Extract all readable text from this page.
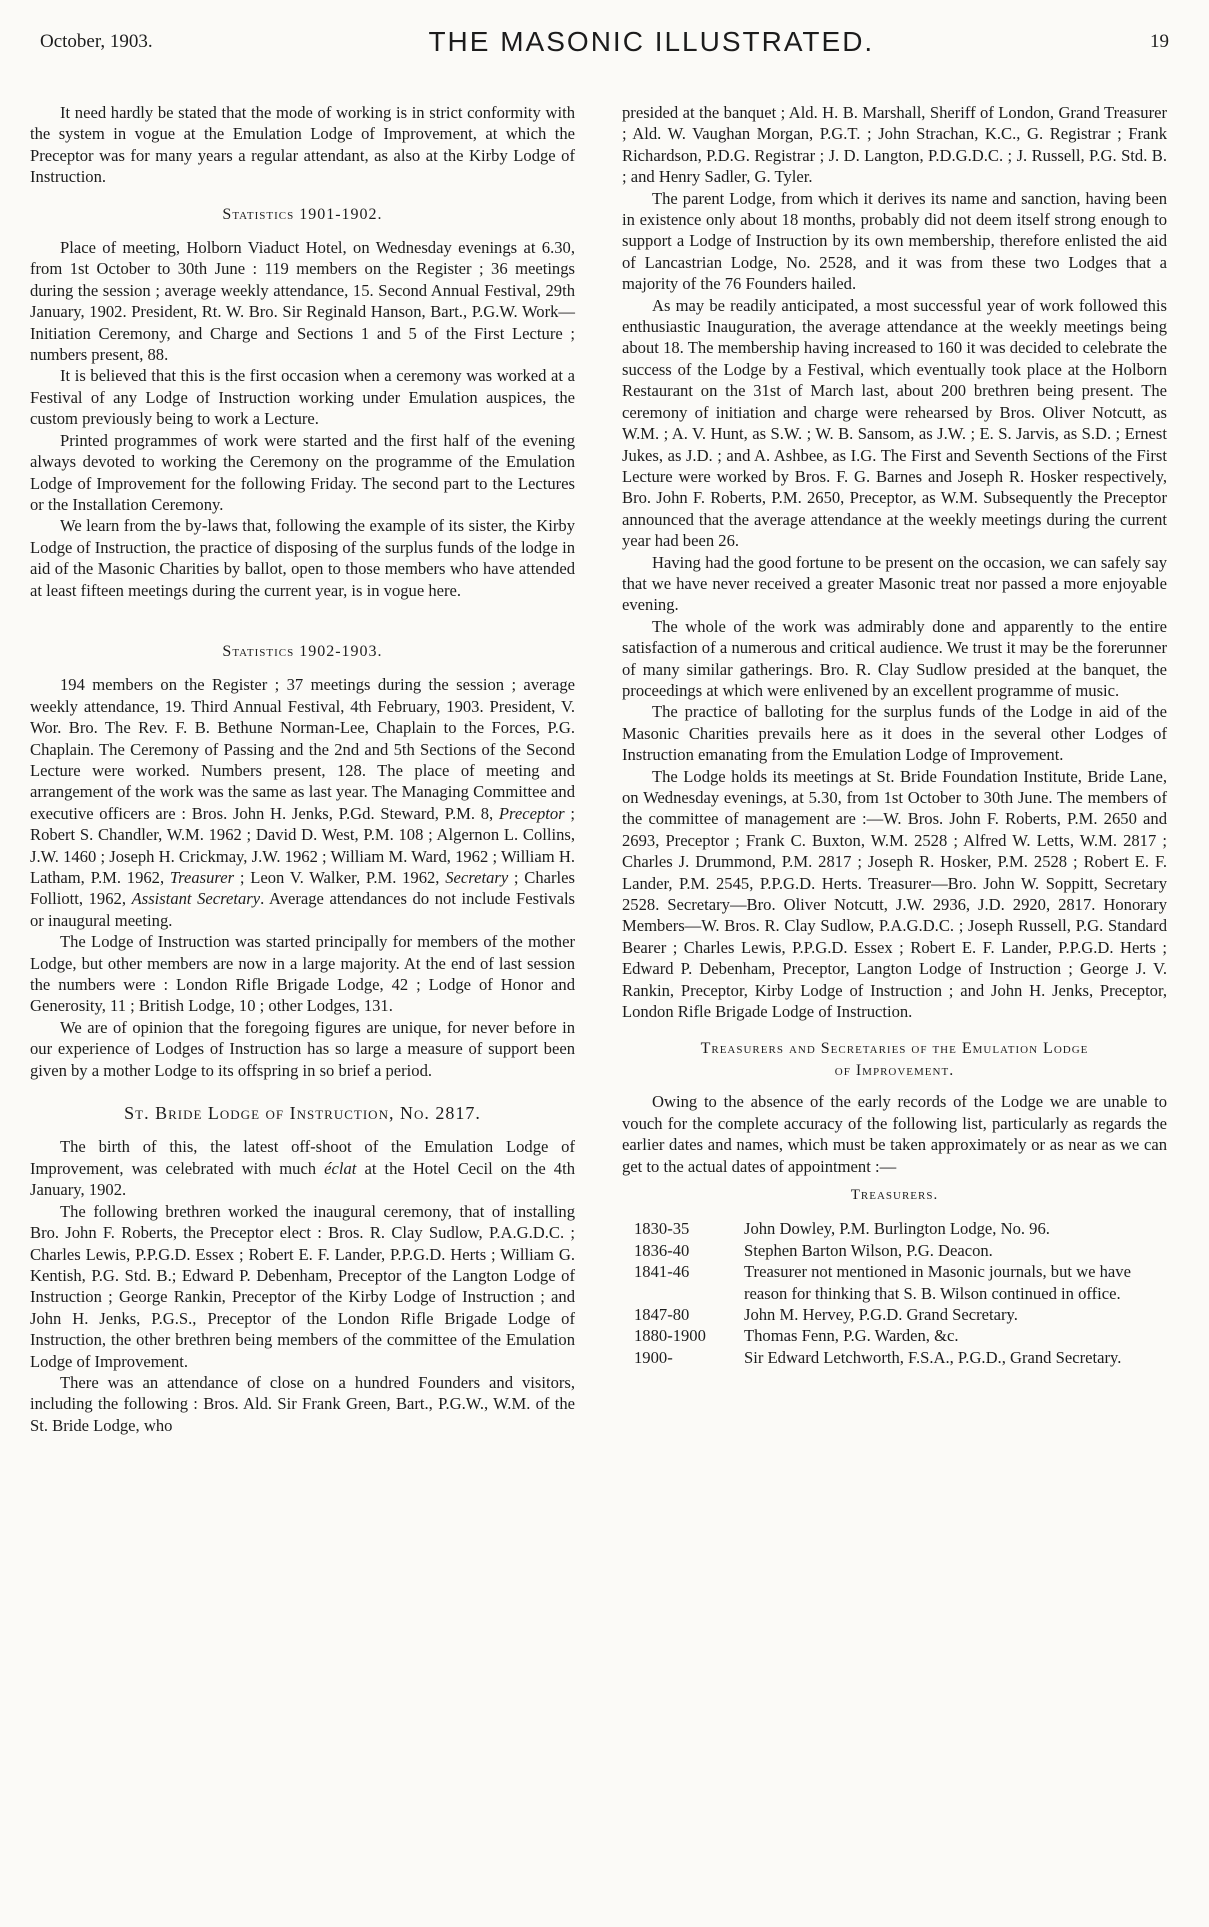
October, 1903.	THE MASONIC ILLUSTRATED.	19

It need hardly be stated that the mode of working is in strict conformity with the system in vogue at the Emulation Lodge of Improvement, at which the Preceptor was for many years a regular attendant, as also at the Kirby Lodge of Instruction.

Statistics 1901-1902.

Place of meeting, Holborn Viaduct Hotel, on Wednesday evenings at 6.30, from 1st October to 30th June : 119 members on the Register ; 36 meetings during the session ; average weekly attendance, 15. Second Annual Festival, 29th January, 1902. President, Rt. W. Bro. Sir Reginald Hanson, Bart., P.G.W. Work—Initiation Ceremony, and Charge and Sections 1 and 5 of the First Lecture ; numbers present, 88.

It is believed that this is the first occasion when a ceremony was worked at a Festival of any Lodge of Instruction working under Emulation auspices, the custom previously being to work a Lecture.

Printed programmes of work were started and the first half of the evening always devoted to working the Ceremony on the programme of the Emulation Lodge of Improvement for the following Friday. The second part to the Lectures or the Installation Ceremony.

We learn from the by-laws that, following the example of its sister, the Kirby Lodge of Instruction, the practice of disposing of the surplus funds of the lodge in aid of the Masonic Charities by ballot, open to those members who have attended at least fifteen meetings during the current year, is in vogue here.

Statistics 1902-1903.

194 members on the Register ; 37 meetings during the session ; average weekly attendance, 19. Third Annual Festival, 4th February, 1903. President, V. Wor. Bro. The Rev. F. B. Bethune Norman-Lee, Chaplain to the Forces, P.G. Chaplain. The Ceremony of Passing and the 2nd and 5th Sections of the Second Lecture were worked. Numbers present, 128. The place of meeting and arrangement of the work was the same as last year. The Managing Committee and executive officers are : Bros. John H. Jenks, P.Gd. Steward, P.M. 8, Preceptor ; Robert S. Chandler, W.M. 1962 ; David D. West, P.M. 108 ; Algernon L. Collins, J.W. 1460 ; Joseph H. Crickmay, J.W. 1962 ; William M. Ward, 1962 ; William H. Latham, P.M. 1962, Treasurer ; Leon V. Walker, P.M. 1962, Secretary ; Charles Folliott, 1962, Assistant Secretary. Average attendances do not include Festivals or inaugural meeting.

The Lodge of Instruction was started principally for members of the mother Lodge, but other members are now in a large majority. At the end of last session the numbers were : London Rifle Brigade Lodge, 42 ; Lodge of Honor and Generosity, 11 ; British Lodge, 10 ; other Lodges, 131.

We are of opinion that the foregoing figures are unique, for never before in our experience of Lodges of Instruction has so large a measure of support been given by a mother Lodge to its offspring in so brief a period.

St. Bride Lodge of Instruction, No. 2817.

The birth of this, the latest off-shoot of the Emulation Lodge of Improvement, was celebrated with much éclat at the Hotel Cecil on the 4th January, 1902.

The following brethren worked the inaugural ceremony, that of installing Bro. John F. Roberts, the Preceptor elect : Bros. R. Clay Sudlow, P.A.G.D.C. ; Charles Lewis, P.P.G.D. Essex ; Robert E. F. Lander, P.P.G.D. Herts ; William G. Kentish, P.G. Std. B.; Edward P. Debenham, Preceptor of the Langton Lodge of Instruction ; George Rankin, Preceptor of the Kirby Lodge of Instruction ; and John H. Jenks, P.G.S., Preceptor of the London Rifle Brigade Lodge of Instruction, the other brethren being members of the committee of the Emulation Lodge of Improvement.

There was an attendance of close on a hundred Founders and visitors, including the following : Bros. Ald. Sir Frank Green, Bart., P.G.W., W.M. of the St. Bride Lodge, who

presided at the banquet ; Ald. H. B. Marshall, Sheriff of London, Grand Treasurer ; Ald. W. Vaughan Morgan, P.G.T. ; John Strachan, K.C., G. Registrar ; Frank Richardson, P.D.G. Registrar ; J. D. Langton, P.D.G.D.C. ; J. Russell, P.G. Std. B. ; and Henry Sadler, G. Tyler.

The parent Lodge, from which it derives its name and sanction, having been in existence only about 18 months, probably did not deem itself strong enough to support a Lodge of Instruction by its own membership, therefore enlisted the aid of Lancastrian Lodge, No. 2528, and it was from these two Lodges that a majority of the 76 Founders hailed.

As may be readily anticipated, a most successful year of work followed this enthusiastic Inauguration, the average attendance at the weekly meetings being about 18. The membership having increased to 160 it was decided to celebrate the success of the Lodge by a Festival, which eventually took place at the Holborn Restaurant on the 31st of March last, about 200 brethren being present. The ceremony of initiation and charge were rehearsed by Bros. Oliver Notcutt, as W.M. ; A. V. Hunt, as S.W. ; W. B. Sansom, as J.W. ; E. S. Jarvis, as S.D. ; Ernest Jukes, as J.D. ; and A. Ashbee, as I.G. The First and Seventh Sections of the First Lecture were worked by Bros. F. G. Barnes and Joseph R. Hosker respectively, Bro. John F. Roberts, P.M. 2650, Preceptor, as W.M. Subsequently the Preceptor announced that the average attendance at the weekly meetings during the current year had been 26.

Having had the good fortune to be present on the occasion, we can safely say that we have never received a greater Masonic treat nor passed a more enjoyable evening.

The whole of the work was admirably done and apparently to the entire satisfaction of a numerous and critical audience. We trust it may be the forerunner of many similar gatherings. Bro. R. Clay Sudlow presided at the banquet, the proceedings at which were enlivened by an excellent programme of music.

The practice of balloting for the surplus funds of the Lodge in aid of the Masonic Charities prevails here as it does in the several other Lodges of Instruction emanating from the Emulation Lodge of Improvement.

The Lodge holds its meetings at St. Bride Foundation Institute, Bride Lane, on Wednesday evenings, at 5.30, from 1st October to 30th June. The members of the committee of management are :—W. Bros. John F. Roberts, P.M. 2650 and 2693, Preceptor ; Frank C. Buxton, W.M. 2528 ; Alfred W. Letts, W.M. 2817 ; Charles J. Drummond, P.M. 2817 ; Joseph R. Hosker, P.M. 2528 ; Robert E. F. Lander, P.M. 2545, P.P.G.D. Herts. Treasurer—Bro. John W. Soppitt, Secretary 2528. Secretary—Bro. Oliver Notcutt, J.W. 2936, J.D. 2920, 2817. Honorary Members—W. Bros. R. Clay Sudlow, P.A.G.D.C. ; Joseph Russell, P.G. Standard Bearer ; Charles Lewis, P.P.G.D. Essex ; Robert E. F. Lander, P.P.G.D. Herts ; Edward P. Debenham, Preceptor, Langton Lodge of Instruction ; George J. V. Rankin, Preceptor, Kirby Lodge of Instruction ; and John H. Jenks, Preceptor, London Rifle Brigade Lodge of Instruction.

Treasurers and Secretaries of the Emulation Lodge
of Improvement.

Owing to the absence of the early records of the Lodge we are unable to vouch for the complete accuracy of the following list, particularly as regards the earlier dates and names, which must be taken approximately or as near as we can get to the actual dates of appointment :—

Treasurers.
1830-35	John Dowley, P.M. Burlington Lodge, No. 96.
1836-40	Stephen Barton Wilson, P.G. Deacon.
1841-46	Treasurer not mentioned in Masonic journals, but we have reason for thinking that S. B. Wilson continued in office.
1847-80	John M. Hervey, P.G.D. Grand Secretary.
1880-1900	Thomas Fenn, P.G. Warden, &c.
1900-	Sir Edward Letchworth, F.S.A., P.G.D., Grand Secretary.
